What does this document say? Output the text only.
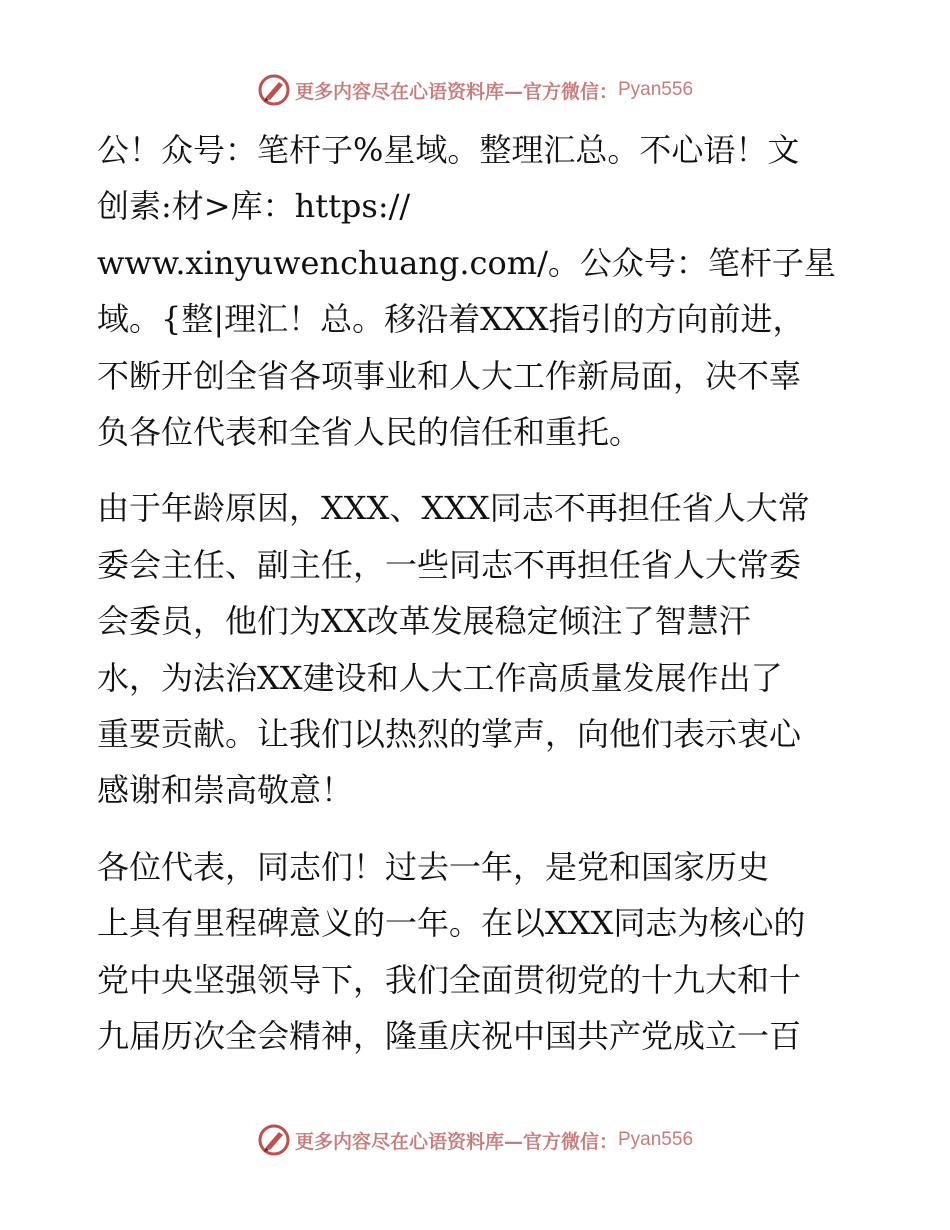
更多内容尽在心语资料库—官方微信： Pyan556
公！众号：笔杆子%星域。整理汇总。不心语！文
创素:材>库：https://
www.xinyuwenchuang.com/。公众号：笔杆子星
域。{整|理汇！总。移沿着XXX指引的方向前进，
不断开创全省各项事业和人大工作新局面，决不辜
负各位代表和全省人民的信任和重托。
由于年龄原因，XXX、XXX同志不再担任省人大常
委会主任、副主任，一些同志不再担任省人大常委
会委员，他们为XX改革发展稳定倾注了智慧汗
水，为法治XX建设和人大工作高质量发展作出了
重要贡献。让我们以热烈的掌声，向他们表示衷心
感谢和崇高敬意！
各位代表，同志们！过去一年，是党和国家历史
上具有里程碑意义的一年。在以XXX同志为核心的
党中央坚强领导下，我们全面贯彻党的十九大和十
九届历次全会精神，隆重庆祝中国共产党成立一百
更多内容尽在心语资料库—官方微信： Pyan556
